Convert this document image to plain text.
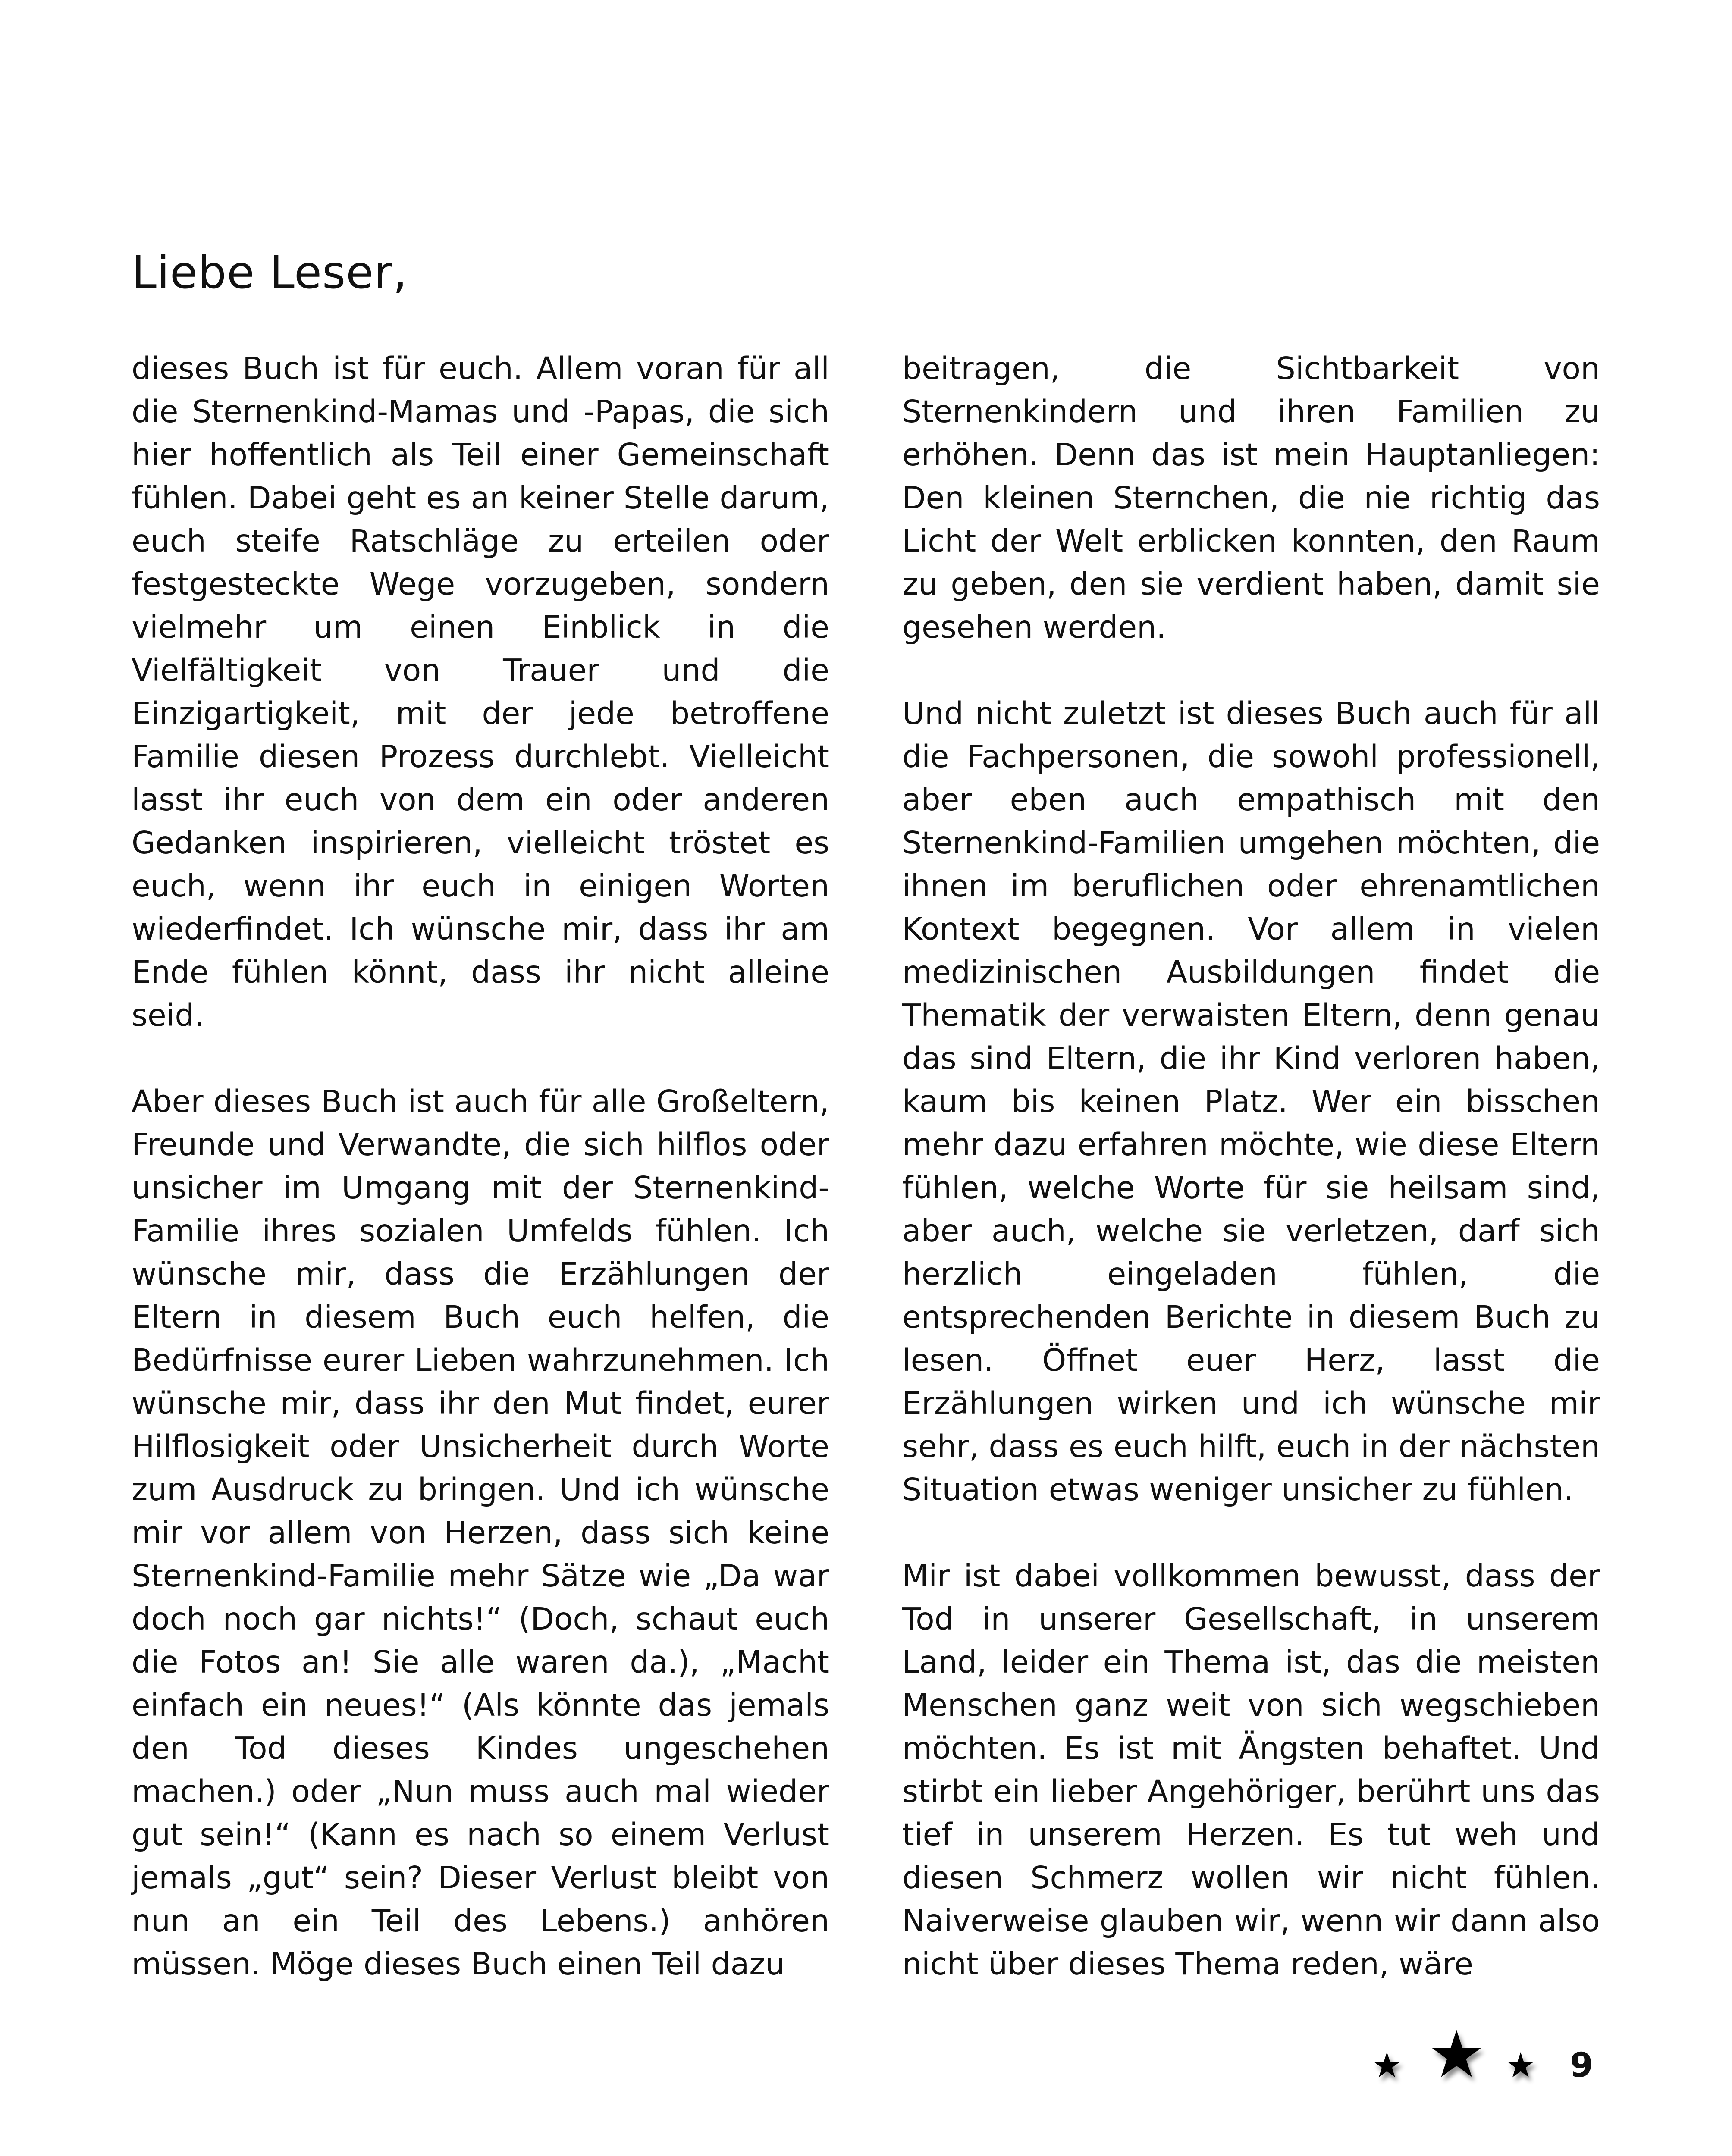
Liebe Leser,

dieses Buch ist für euch. Allem voran für all die Sternenkind-Mamas und -Papas, die sich hier hoffentlich als Teil einer Gemeinschaft fühlen. Dabei geht es an keiner Stelle darum, euch steife Ratschläge zu erteilen oder festgesteckte Wege vorzugeben, sondern vielmehr um einen Einblick in die Vielfältigkeit von Trauer und die Einzigartigkeit, mit der jede betroffene Familie diesen Prozess durchlebt. Vielleicht lasst ihr euch von dem ein oder anderen Gedanken inspirieren, vielleicht tröstet es euch, wenn ihr euch in einigen Worten wiederfindet. Ich wünsche mir, dass ihr am Ende fühlen könnt, dass ihr nicht alleine seid.

Aber dieses Buch ist auch für alle Großeltern, Freunde und Verwandte, die sich hilflos oder unsicher im Umgang mit der Sternenkind-Familie ihres sozialen Umfelds fühlen. Ich wünsche mir, dass die Erzählungen der Eltern in diesem Buch euch helfen, die Bedürfnisse eurer Lieben wahrzunehmen. Ich wünsche mir, dass ihr den Mut findet, eurer Hilflosigkeit oder Unsicherheit durch Worte zum Ausdruck zu bringen. Und ich wünsche mir vor allem von Herzen, dass sich keine Sternenkind-Familie mehr Sätze wie „Da war doch noch gar nichts!“ (Doch, schaut euch die Fotos an! Sie alle waren da.), „Macht einfach ein neues!“ (Als könnte das jemals den Tod dieses Kindes ungeschehen machen.) oder „Nun muss auch mal wieder gut sein!“ (Kann es nach so einem Verlust jemals „gut“ sein? Dieser Verlust bleibt von nun an ein Teil des Lebens.) anhören müssen. Möge dieses Buch einen Teil dazu

beitragen, die Sichtbarkeit von Sternenkindern und ihren Familien zu erhöhen. Denn das ist mein Hauptanliegen: Den kleinen Sternchen, die nie richtig das Licht der Welt erblicken konnten, den Raum zu geben, den sie verdient haben, damit sie gesehen werden.

Und nicht zuletzt ist dieses Buch auch für all die Fachpersonen, die sowohl professionell, aber eben auch empathisch mit den Sternenkind-Familien umgehen möchten, die ihnen im beruflichen oder ehrenamtlichen Kontext begegnen. Vor allem in vielen medizinischen Ausbildungen findet die Thematik der verwaisten Eltern, denn genau das sind Eltern, die ihr Kind verloren haben, kaum bis keinen Platz. Wer ein bisschen mehr dazu erfahren möchte, wie diese Eltern fühlen, welche Worte für sie heilsam sind, aber auch, welche sie verletzen, darf sich herzlich eingeladen fühlen, die entsprechenden Berichte in diesem Buch zu lesen. Öffnet euer Herz, lasst die Erzählungen wirken und ich wünsche mir sehr, dass es euch hilft, euch in der nächsten Situation etwas weniger unsicher zu fühlen.

Mir ist dabei vollkommen bewusst, dass der Tod in unserer Gesellschaft, in unserem Land, leider ein Thema ist, das die meisten Menschen ganz weit von sich wegschieben möchten. Es ist mit Ängsten behaftet. Und stirbt ein lieber Angehöriger, berührt uns das tief in unserem Herzen. Es tut weh und diesen Schmerz wollen wir nicht fühlen. Naiverweise glauben wir, wenn wir dann also nicht über dieses Thema reden, wäre

★ ★ ★ 9
